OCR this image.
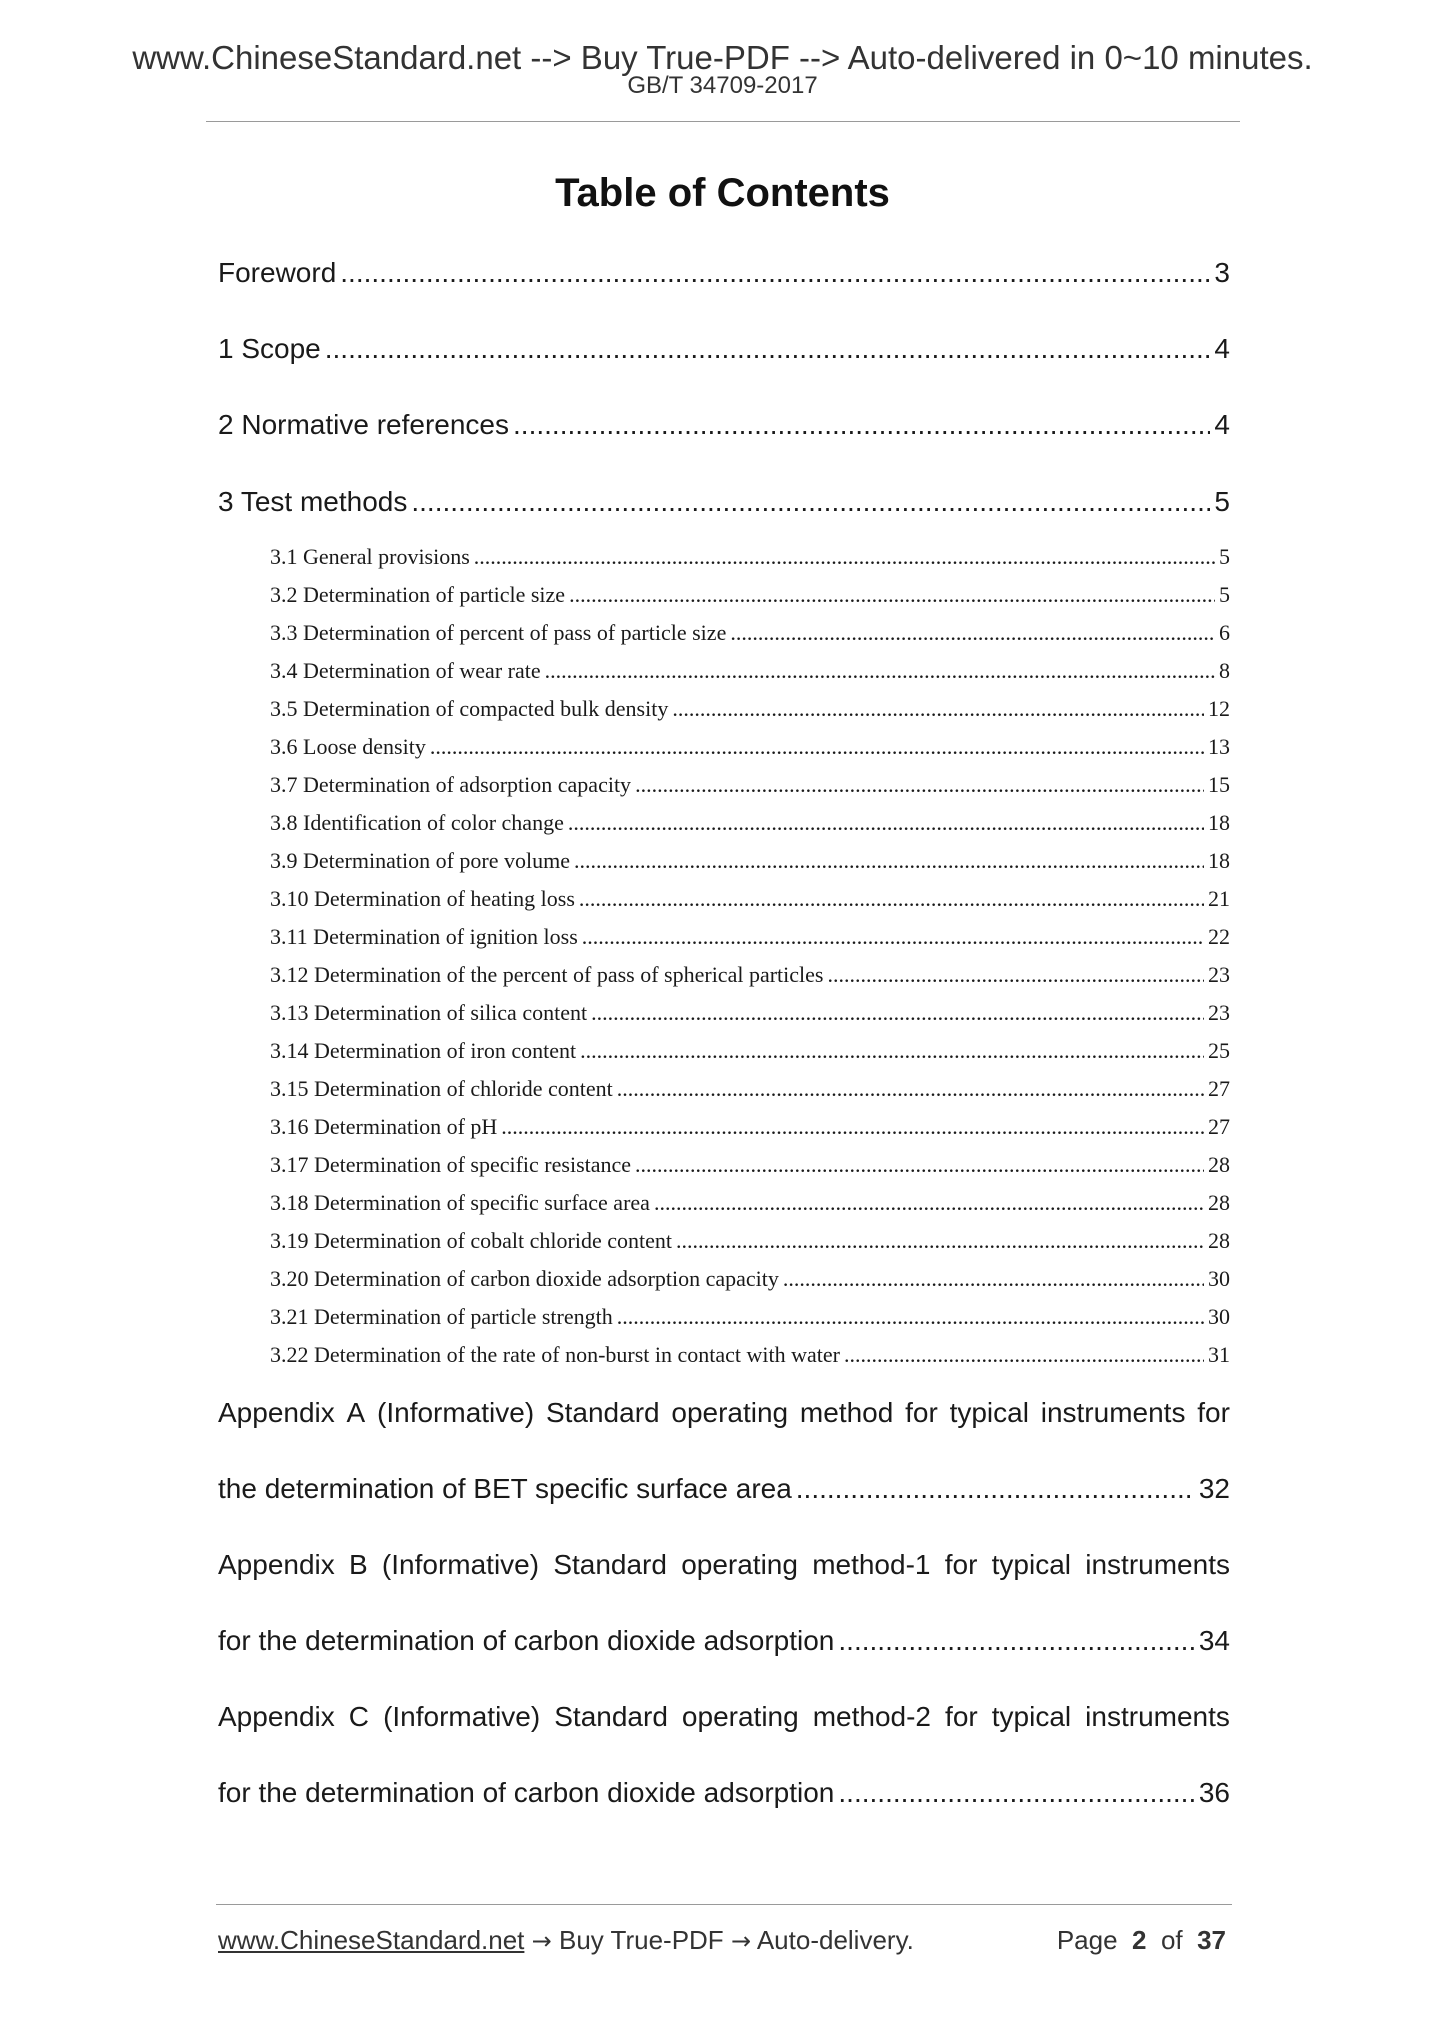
www.ChineseStandard.net --> Buy True-PDF --> Auto-delivered in 0~10 minutes.
GB/T 34709-2017
Table of Contents
Foreword .....	3
1 Scope .....	4
2 Normative references .....	4
3 Test methods .....	5
3.1 General provisions .....	5
3.2 Determination of particle size .....	5
3.3 Determination of percent of pass of particle size .....	6
3.4 Determination of wear rate .....	8
3.5 Determination of compacted bulk density .....	12
3.6 Loose density .....	13
3.7 Determination of adsorption capacity .....	15
3.8 Identification of color change .....	18
3.9 Determination of pore volume .....	18
3.10 Determination of heating loss .....	21
3.11 Determination of ignition loss .....	22
3.12 Determination of the percent of pass of spherical particles .....	23
3.13 Determination of silica content .....	23
3.14 Determination of iron content .....	25
3.15 Determination of chloride content .....	27
3.16 Determination of pH .....	27
3.17 Determination of specific resistance .....	28
3.18 Determination of specific surface area .....	28
3.19 Determination of cobalt chloride content .....	28
3.20 Determination of carbon dioxide adsorption capacity .....	30
3.21 Determination of particle strength .....	30
3.22 Determination of the rate of non-burst in contact with water .....	31
Appendix A (Informative) Standard operating method for typical instruments for
the determination of BET specific surface area .....	32
Appendix B (Informative) Standard operating method-1 for typical instruments
for the determination of carbon dioxide adsorption .....	34
Appendix C (Informative) Standard operating method-2 for typical instruments
for the determination of carbon dioxide adsorption .....	36
www.ChineseStandard.net → Buy True-PDF → Auto-delivery.	Page 2 of 37
